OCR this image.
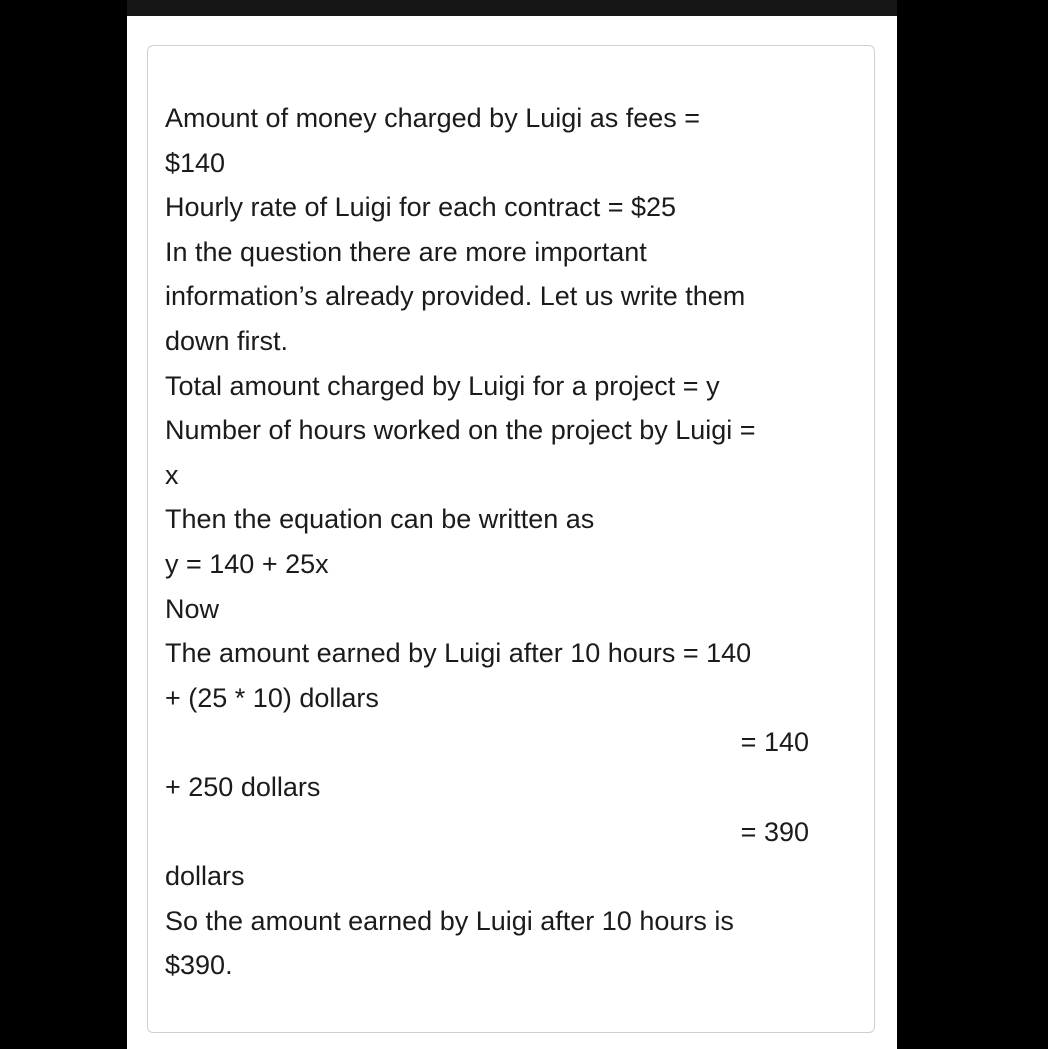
Amount of money charged by Luigi as fees =
$140
Hourly rate of Luigi for each contract = $25
In the question there are more important
information’s already provided. Let us write them
down first.
Total amount charged by Luigi for a project = y
Number of hours worked on the project by Luigi =
x
Then the equation can be written as
y = 140 + 25x
Now
The amount earned by Luigi after 10 hours = 140
+ (25 * 10) dollars
= 140
+ 250 dollars
= 390
dollars
So the amount earned by Luigi after 10 hours is
$390.
